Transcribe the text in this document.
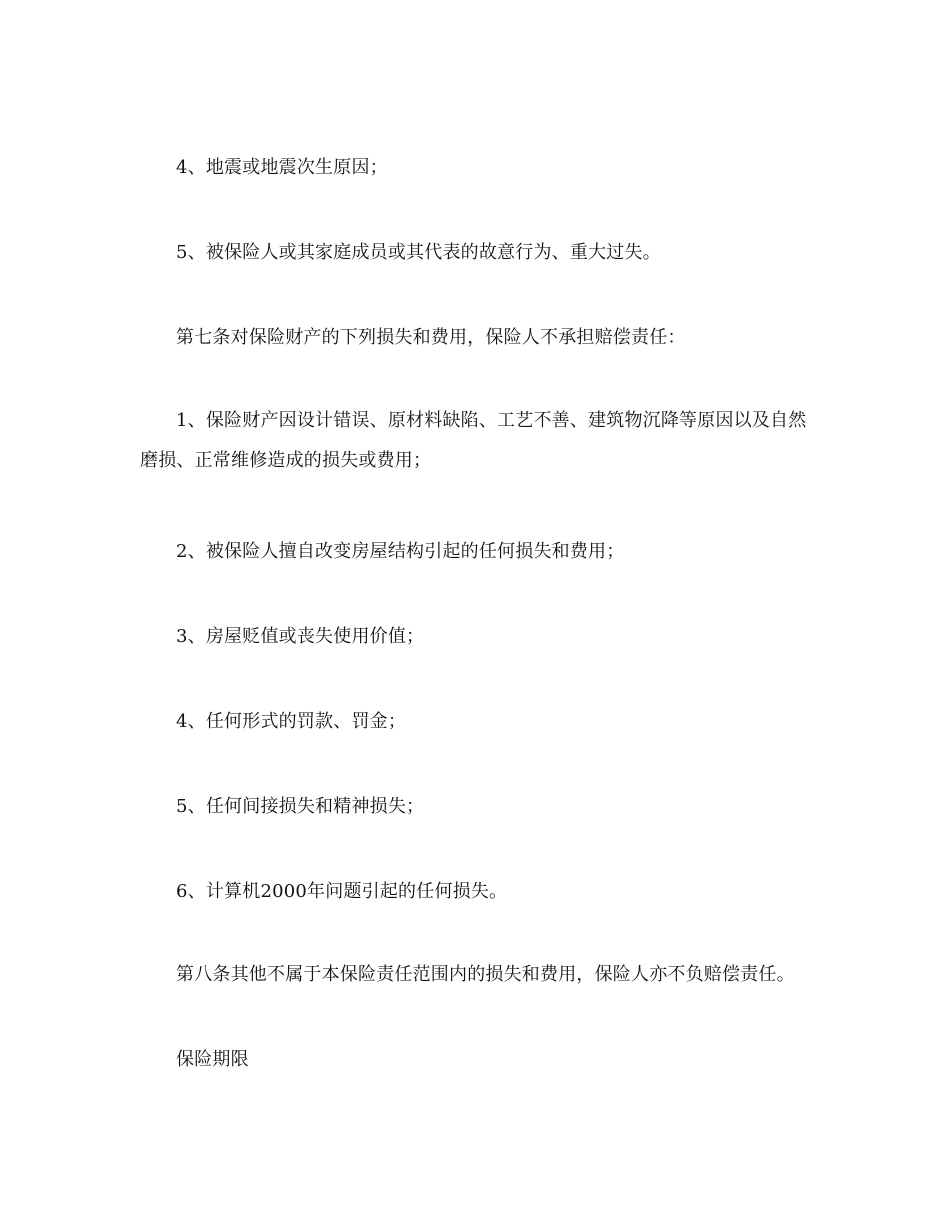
4、地震或地震次生原因；

5、被保险人或其家庭成员或其代表的故意行为、重大过失。

第七条对保险财产的下列损失和费用，保险人不承担赔偿责任：

1、保险财产因设计错误、原材料缺陷、工艺不善、建筑物沉降等原因以及自然磨损、正常维修造成的损失或费用；

2、被保险人擅自改变房屋结构引起的任何损失和费用；

3、房屋贬值或丧失使用价值；

4、任何形式的罚款、罚金；

5、任何间接损失和精神损失；

6、计算机2000年问题引起的任何损失。

第八条其他不属于本保险责任范围内的损失和费用，保险人亦不负赔偿责任。

保险期限
